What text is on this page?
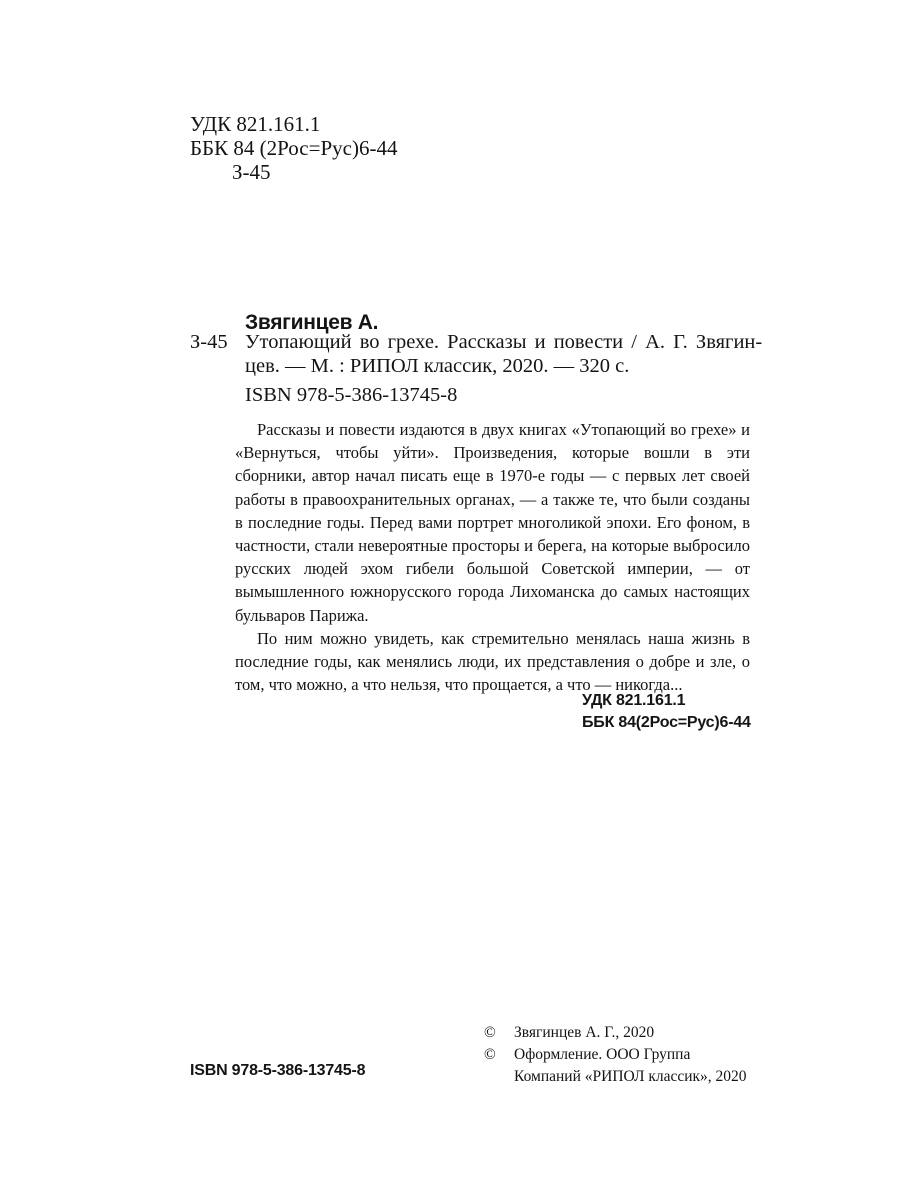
УДК 821.161.1
ББК 84 (2Рос=Рус)6-44
З-45
Звягинцев А.
З-45 Утопающий во грехе. Рассказы и повести / А. Г. Звягин-
цев. — М. : РИПОЛ классик, 2020. — 320 с.
ISBN 978-5-386-13745-8

Рассказы и повести издаются в двух книгах «Утопающий во грехе» и «Вернуться, чтобы уйти». Произведения, которые вошли в эти сборники, автор начал писать еще в 1970-е годы — с первых лет своей работы в правоохранительных органах, — а также те, что были созданы в последние годы. Перед вами портрет многоликой эпохи. Его фоном, в частности, стали невероятные просторы и берега, на которые выбросило русских людей эхом гибели большой Советской империи, — от вымышленного южнорусского города Лихоманска до самых настоящих бульваров Парижа.

По ним можно увидеть, как стремительно менялась наша жизнь в последние годы, как менялись люди, их представления о добре и зле, о том, что можно, а что нельзя, что прощается, а что — никогда...

УДК 821.161.1
ББК 84(2Рос=Рус)6-44
ISBN 978-5-386-13745-8
©	Звягинцев А. Г., 2020
©	Оформление. ООО Группа
Компаний «РИПОЛ классик», 2020
